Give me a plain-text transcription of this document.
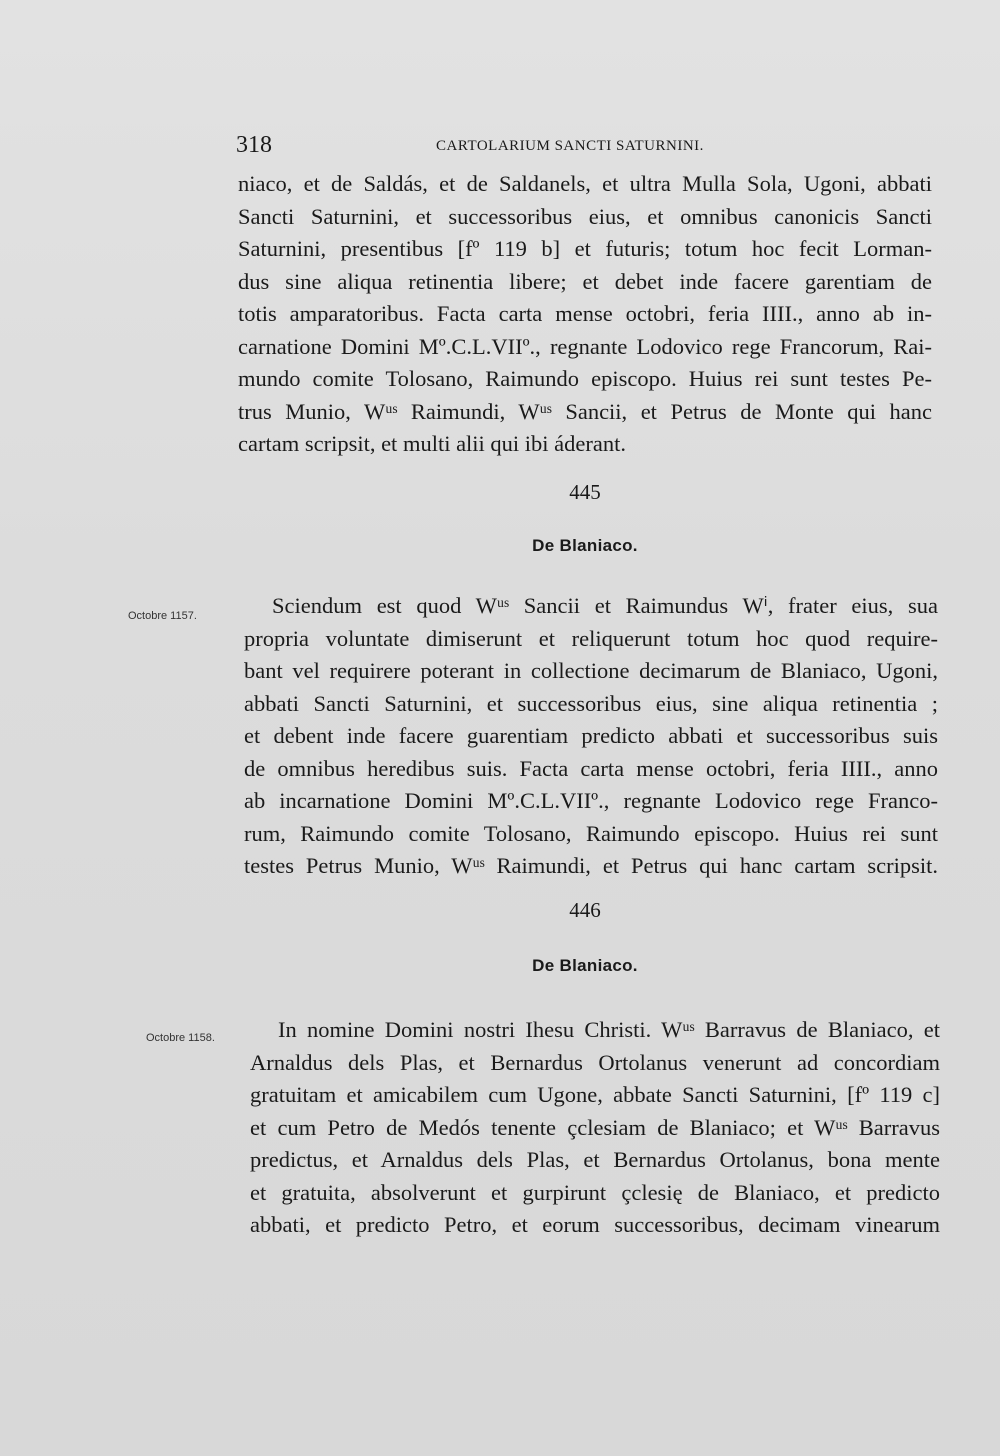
318	CARTOLARIUM SANCTI SATURNINI.
niaco, et de Saldás, et de Saldanels, et ultra Mulla Sola, Ugoni, abbati
Sancti Saturnini, et successoribus eius, et omnibus canonicis Sancti
Saturnini, presentibus [fº 119 b] et futuris; totum hoc fecit Lorman-
dus sine aliqua retinentia libere; et debet inde facere garentiam de
totis amparatoribus. Facta carta mense octobri, feria IIII., anno ab in-
carnatione Domini Mº.C.L.VIIº., regnante Lodovico rege Francorum, Rai-
mundo comite Tolosano, Raimundo episcopo. Huius rei sunt testes Pe-
trus Munio, Wᵘˢ Raimundi, Wᵘˢ Sancii, et Petrus de Monte qui hanc
cartam scripsit, et multi alii qui ibi áderant.
445
De Blaniaco.
Octobre 1157.	Sciendum est quod Wᵘˢ Sancii et Raimundus Wⁱ, frater eius, sua
propria voluntate dimiserunt et reliquerunt totum hoc quod require-
bant vel requirere poterant in collectione decimarum de Blaniaco, Ugoni,
abbati Sancti Saturnini, et successoribus eius, sine aliqua retinentia ;
et debent inde facere guarentiam predicto abbati et successoribus suis
de omnibus heredibus suis. Facta carta mense octobri, feria IIII., anno
ab incarnatione Domini Mº.C.L.VIIº., regnante Lodovico rege Franco-
rum, Raimundo comite Tolosano, Raimundo episcopo. Huius rei sunt
testes Petrus Munio, Wᵘˢ Raimundi, et Petrus qui hanc cartam scripsit.
446
De Blaniaco.
Octobre 1158.	In nomine Domini nostri Ihesu Christi. Wᵘˢ Barravus de Blaniaco, et
Arnaldus dels Plas, et Bernardus Ortolanus venerunt ad concordiam
gratuitam et amicabilem cum Ugone, abbate Sancti Saturnini, [fº 119 c]
et cum Petro de Medós tenente çclesiam de Blaniaco; et Wᵘˢ Barravus
predictus, et Arnaldus dels Plas, et Bernardus Ortolanus, bona mente
et gratuita, absolverunt et gurpirunt çclesię de Blaniaco, et predicto
abbati, et predicto Petro, et eorum successoribus, decimam vinearum
